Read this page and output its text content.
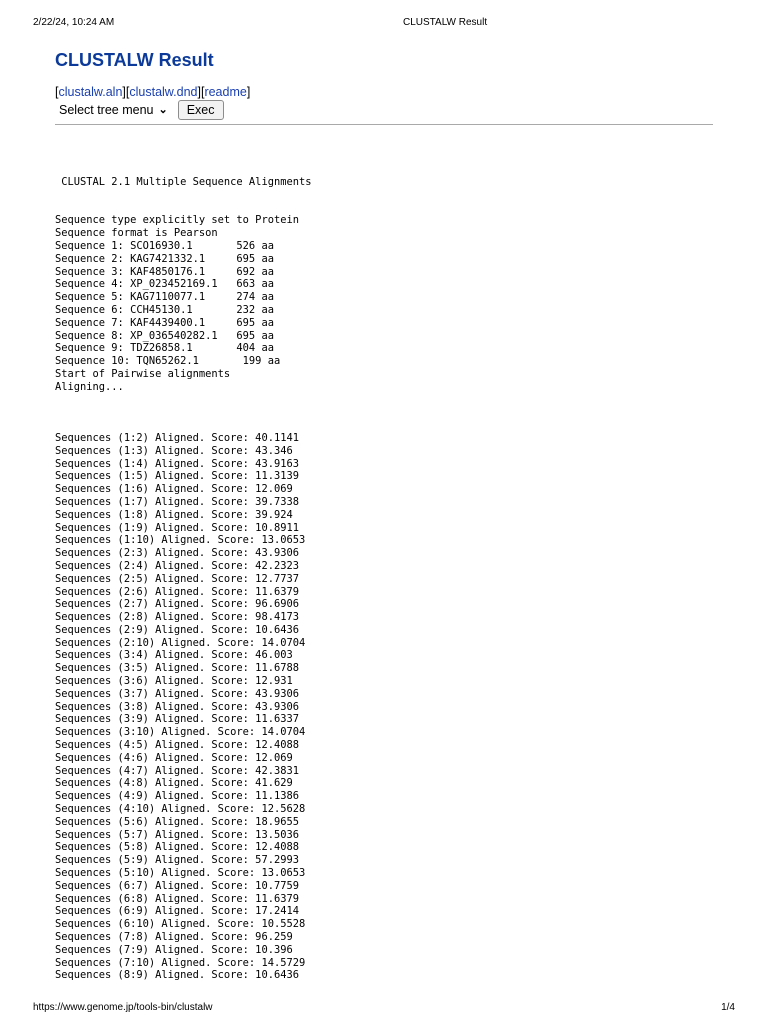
2/22/24, 10:24 AM	CLUSTALW Result
CLUSTALW Result
[clustalw.aln][clustalw.dnd][readme]
Select tree menu ⌄	Exec
CLUSTAL 2.1 Multiple Sequence Alignments

Sequence type explicitly set to Protein
Sequence format is Pearson
Sequence 1: SCO16930.1       526 aa
Sequence 2: KAG7421332.1     695 aa
Sequence 3: KAF4850176.1     692 aa
Sequence 4: XP_023452169.1   663 aa
Sequence 5: KAG7110077.1     274 aa
Sequence 6: CCH45130.1       232 aa
Sequence 7: KAF4439400.1     695 aa
Sequence 8: XP_036540282.1   695 aa
Sequence 9: TDZ26858.1       404 aa
Sequence 10: TQN65262.1       199 aa
Start of Pairwise alignments
Aligning...

Sequences (1:2) Aligned. Score: 40.1141
Sequences (1:3) Aligned. Score: 43.346
Sequences (1:4) Aligned. Score: 43.9163
Sequences (1:5) Aligned. Score: 11.3139
Sequences (1:6) Aligned. Score: 12.069
Sequences (1:7) Aligned. Score: 39.7338
Sequences (1:8) Aligned. Score: 39.924
Sequences (1:9) Aligned. Score: 10.8911
Sequences (1:10) Aligned. Score: 13.0653
Sequences (2:3) Aligned. Score: 43.9306
Sequences (2:4) Aligned. Score: 42.2323
Sequences (2:5) Aligned. Score: 12.7737
Sequences (2:6) Aligned. Score: 11.6379
Sequences (2:7) Aligned. Score: 96.6906
Sequences (2:8) Aligned. Score: 98.4173
Sequences (2:9) Aligned. Score: 10.6436
Sequences (2:10) Aligned. Score: 14.0704
Sequences (3:4) Aligned. Score: 46.003
Sequences (3:5) Aligned. Score: 11.6788
Sequences (3:6) Aligned. Score: 12.931
Sequences (3:7) Aligned. Score: 43.9306
Sequences (3:8) Aligned. Score: 43.9306
Sequences (3:9) Aligned. Score: 11.6337
Sequences (3:10) Aligned. Score: 14.0704
Sequences (4:5) Aligned. Score: 12.4088
Sequences (4:6) Aligned. Score: 12.069
Sequences (4:7) Aligned. Score: 42.3831
Sequences (4:8) Aligned. Score: 41.629
Sequences (4:9) Aligned. Score: 11.1386
Sequences (4:10) Aligned. Score: 12.5628
Sequences (5:6) Aligned. Score: 18.9655
Sequences (5:7) Aligned. Score: 13.5036
Sequences (5:8) Aligned. Score: 12.4088
Sequences (5:9) Aligned. Score: 57.2993
Sequences (5:10) Aligned. Score: 13.0653
Sequences (6:7) Aligned. Score: 10.7759
Sequences (6:8) Aligned. Score: 11.6379
Sequences (6:9) Aligned. Score: 17.2414
Sequences (6:10) Aligned. Score: 10.5528
Sequences (7:8) Aligned. Score: 96.259
Sequences (7:9) Aligned. Score: 10.396
Sequences (7:10) Aligned. Score: 14.5729
Sequences (8:9) Aligned. Score: 10.6436

https://www.genome.jp/tools-bin/clustalw	1/4
